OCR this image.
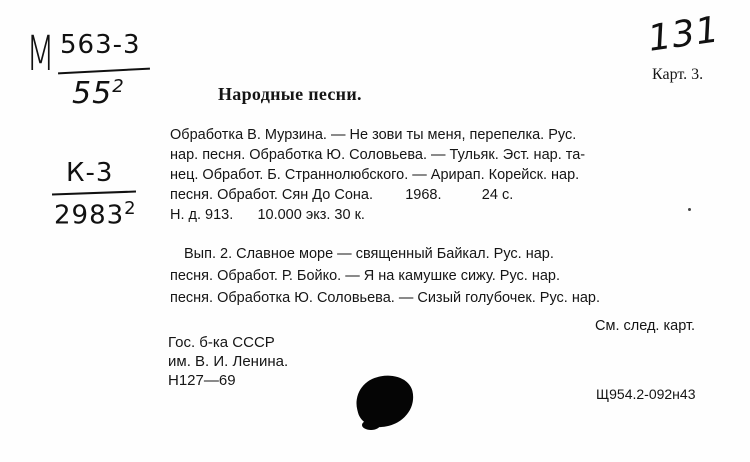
М 563-3
$55^2$
К-3
2983$^2$
131
Карт. 3.
Народные песни.
Обработка В. Мурзина. — Не зови ты меня, перепелка. Рус.
нар. песня. Обработка Ю. Соловьева. — Тульяк. Эст. нар. та-
нец. Обработ. Б. Страннолюбского. — Арирап. Корейск. нар.
песня. Обработ. Сян До Сона.        1968.          24 с.
Н. д. 913.      10.000 экз. 30 к.
Вып. 2. Славное море — священный Байкал. Рус. нар.
песня. Обработ. Р. Бойко. — Я на камушке сижу. Рус. нар.
песня. Обработка Ю. Соловьева. — Сизый голубочек. Рус. нар.
См. след. карт.
Гос. б-ка СССР
им. В. И. Ленина.
Н127—69
Щ954.2-092н43
